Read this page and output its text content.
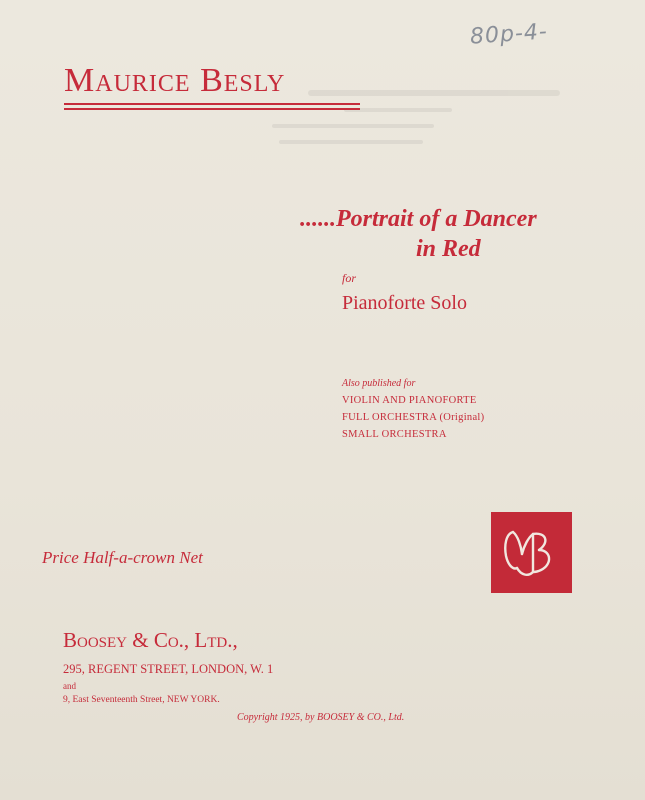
80p-4-
Maurice Besly
......Portrait of a Dancer
in Red
for
Pianoforte Solo
Also published for
VIOLIN AND PIANOFORTE
FULL ORCHESTRA (Original)
SMALL ORCHESTRA
Price Half-a-crown Net
Boosey & Co., Ltd.,
295, REGENT STREET, LONDON, W. 1
and
9, East Seventeenth Street, NEW YORK.
Copyright 1925, by BOOSEY & CO., Ltd.
